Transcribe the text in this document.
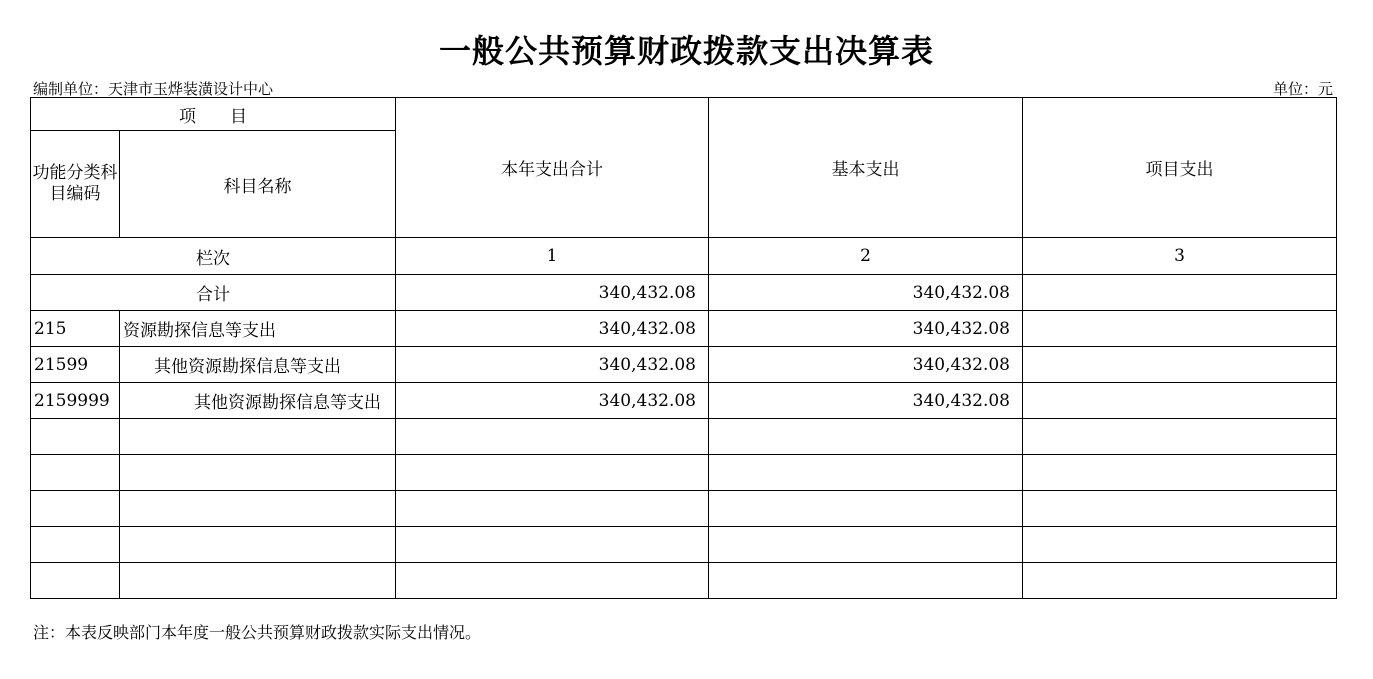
一般公共预算财政拨款支出决算表
编制单位：天津市玉烨装潢设计中心	单位：元
项　　目		本年支出合计	基本支出	项目支出
功能分类科目编码	科目名称			
栏次		1	2	3
合计		340,432.08	340,432.08	
215	资源勘探信息等支出	340,432.08	340,432.08	
21599	其他资源勘探信息等支出	340,432.08	340,432.08	
2159999	其他资源勘探信息等支出	340,432.08	340,432.08	

注：本表反映部门本年度一般公共预算财政拨款实际支出情况。
